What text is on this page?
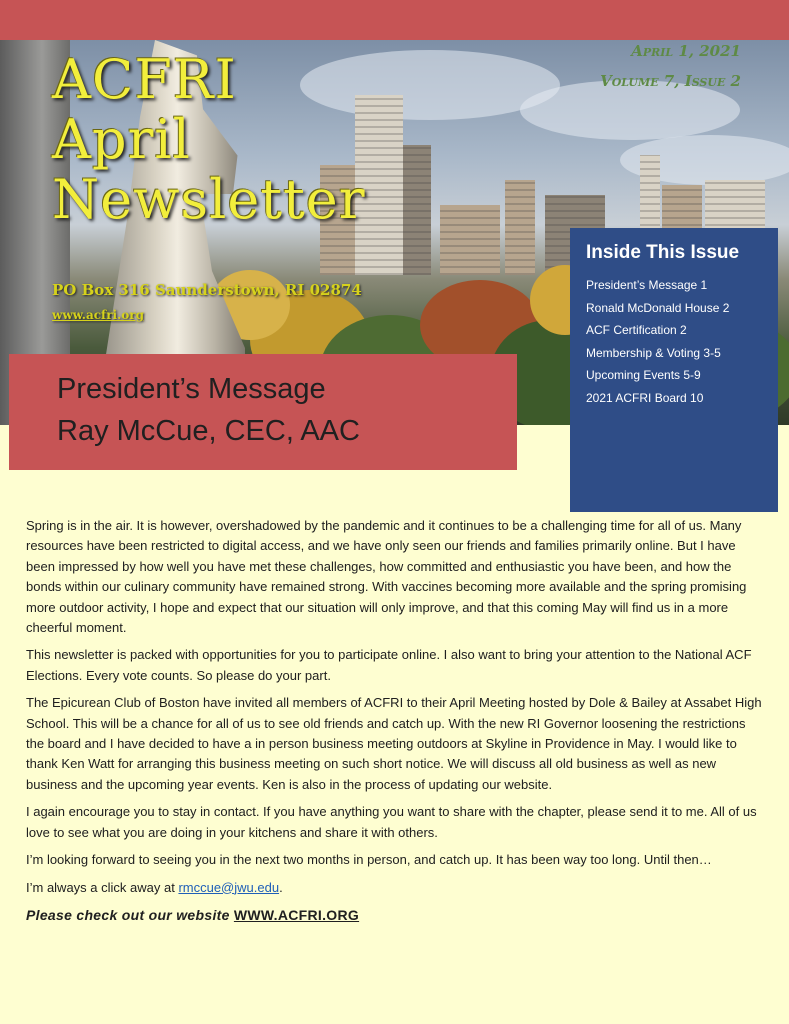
ACFRI
April
Newsletter
PO Box 316 Saunderstown, RI 02874
www.acfri.org
April 1, 2021
Volume 7, Issue 2
President’s Message
Ray McCue, CEC, AAC
Inside This Issue
President’s Message 1
Ronald McDonald House 2
ACF Certification 2
Membership & Voting 3-5
Upcoming Events 5-9
2021 ACFRI Board 10

Spring is in the air. It is however, overshadowed by the pandemic and it continues to be a challenging time for all of us. Many resources have been restricted to digital access, and we have only seen our friends and families primarily online. But I have been impressed by how well you have met these challenges, how committed and enthusiastic you have been, and how the bonds within our culinary community have remained strong. With vaccines becoming more available and the spring promising more outdoor activity, I hope and expect that our situation will only improve, and that this coming May will find us in a more cheerful moment.

This newsletter is packed with opportunities for you to participate online. I also want to bring your attention to the National ACF Elections. Every vote counts. So please do your part.

The Epicurean Club of Boston have invited all members of ACFRI to their April Meeting hosted by Dole & Bailey at Assabet High School. This will be a chance for all of us to see old friends and catch up. With the new RI Governor loosening the restrictions the board and I have decided to have a in person business meeting outdoors at Skyline in Providence in May. I would like to thank Ken Watt for arranging this business meeting on such short notice. We will discuss all old business as well as new business and the upcoming year events. Ken is also in the process of updating our website.

I again encourage you to stay in contact. If you have anything you want to share with the chapter, please send it to me. All of us love to see what you are doing in your kitchens and share it with others.

I’m looking forward to seeing you in the next two months in person, and catch up. It has been way too long. Until then…

I’m always a click away at rmccue@jwu.edu.

Please check out our website WWW.ACFRI.ORG
